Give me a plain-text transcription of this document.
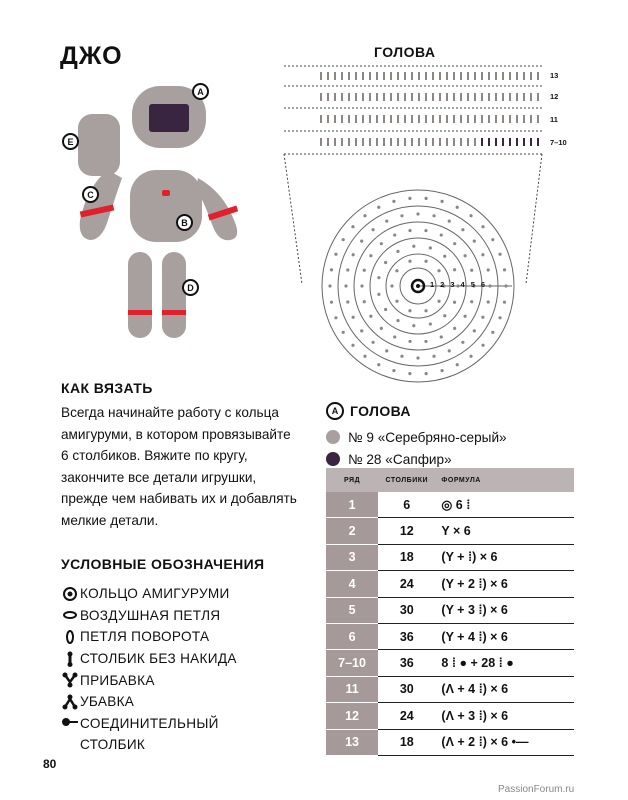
ДЖО
A
E
C
B
D
ГОЛОВА
13
12
11
7–10
1 2 3 4 5 6
КАК ВЯЗАТЬ
Всегда начинайте работу с кольца амигуруми, в котором провязывайте 6 столбиков. Вяжите по кругу, закончите все детали игрушки, прежде чем набивать их и добавлять мелкие детали.
УСЛОВНЫЕ ОБОЗНАЧЕНИЯ
КОЛЬЦО АМИГУРУМИ
ВОЗДУШНАЯ ПЕТЛЯ
ПЕТЛЯ ПОВОРОТА
СТОЛБИК БЕЗ НАКИДА
ПРИБАВКА
УБАВКА
СОЕДИНИТЕЛЬНЫЙ СТОЛБИК
A ГОЛОВА
№ 9 «Серебряно-серый»
№ 28 «Сапфир»
РЯД	СТОЛБИКИ	ФОРМУЛА
1	6	◎ 6 ⁞
2	12	Y × 6
3	18	(Y + ⁞) × 6
4	24	(Y + 2 ⁞) × 6
5	30	(Y + 3 ⁞) × 6
6	36	(Y + 4 ⁞) × 6
7–10	36	8 ⁞ ● + 28 ⁞ ●
11	30	(Λ + 4 ⁞) × 6
12	24	(Λ + 3 ⁞) × 6
13	18	(Λ + 2 ⁞) × 6 •—
80
PassionForum.ru
